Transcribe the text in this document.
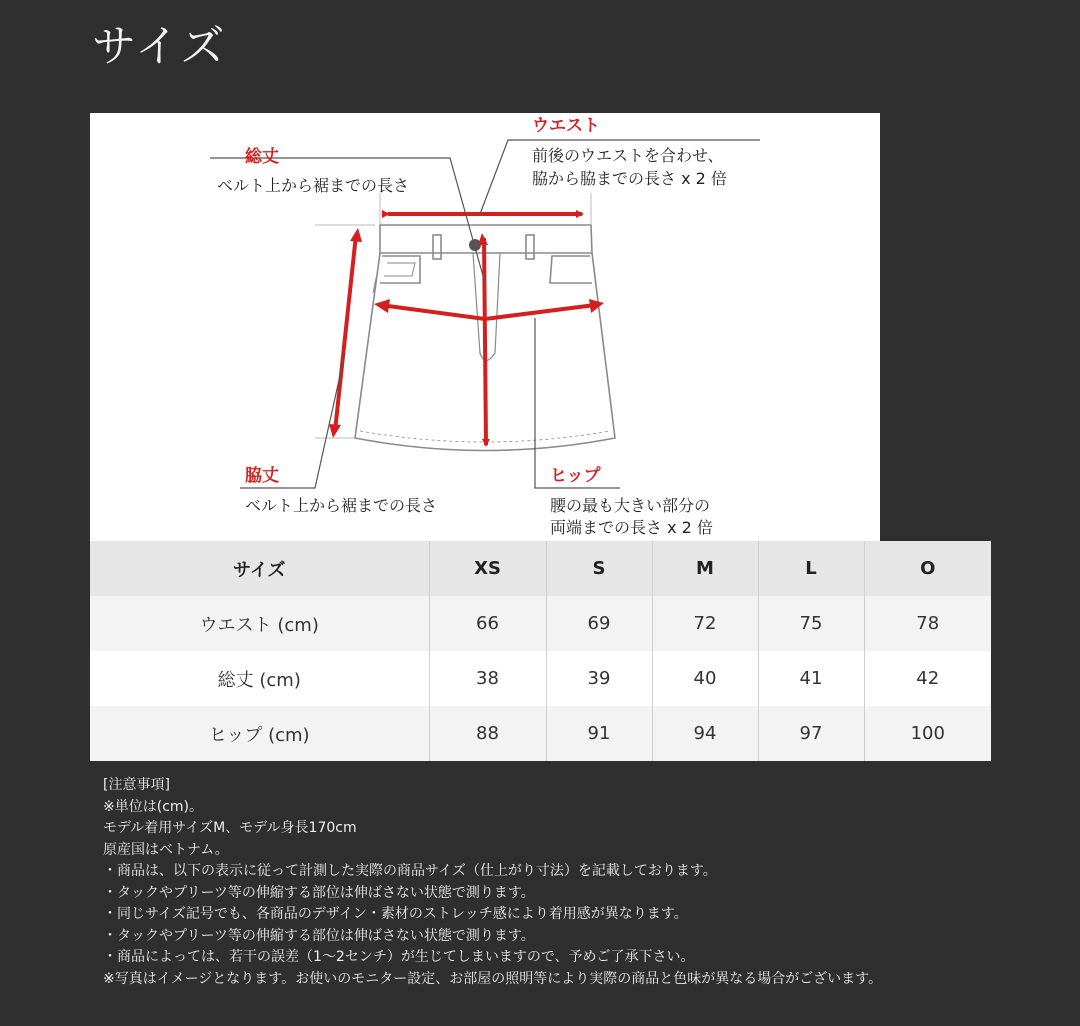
サイズ
ウエスト
前後のウエストを合わせ、
脇から脇までの長さ x 2 倍
総丈
ベルト上から裾までの長さ
脇丈
ベルト上から裾までの長さ
ヒップ
腰の最も大きい部分の
両端までの長さ x 2 倍
サイズ	XS	S	M	L	O
ウエスト (cm)	66	69	72	75	78
総丈 (cm)	38	39	40	41	42
ヒップ (cm)	88	91	94	97	100
[注意事項]
※単位は(cm)。
モデル着用サイズM、モデル身長170cm
原産国はベトナム。
・商品は、以下の表示に従って計測した実際の商品サイズ（仕上がり寸法）を記載しております。
・タックやプリーツ等の伸縮する部位は伸ばさない状態で測ります。
・同じサイズ記号でも、各商品のデザイン・素材のストレッチ感により着用感が異なります。
・タックやプリーツ等の伸縮する部位は伸ばさない状態で測ります。
・商品によっては、若干の誤差（1〜2センチ）が生じてしまいますので、予めご了承下さい。
※写真はイメージとなります。お使いのモニター設定、お部屋の照明等により実際の商品と色味が異なる場合がございます。
